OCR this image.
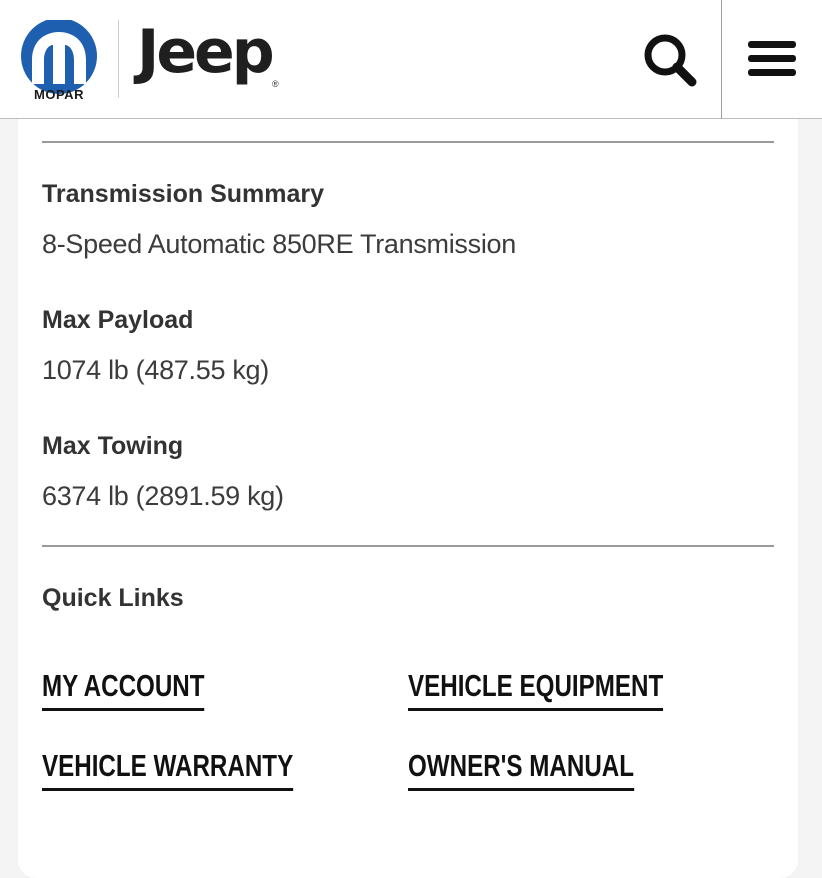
MOPAR
Jeep ®
Transmission Summary
8-Speed Automatic 850RE Transmission
Max Payload
1074 lb (487.55 kg)
Max Towing
6374 lb (2891.59 kg)
Quick Links
MY ACCOUNT	VEHICLE EQUIPMENT
VEHICLE WARRANTY	OWNER'S MANUAL
